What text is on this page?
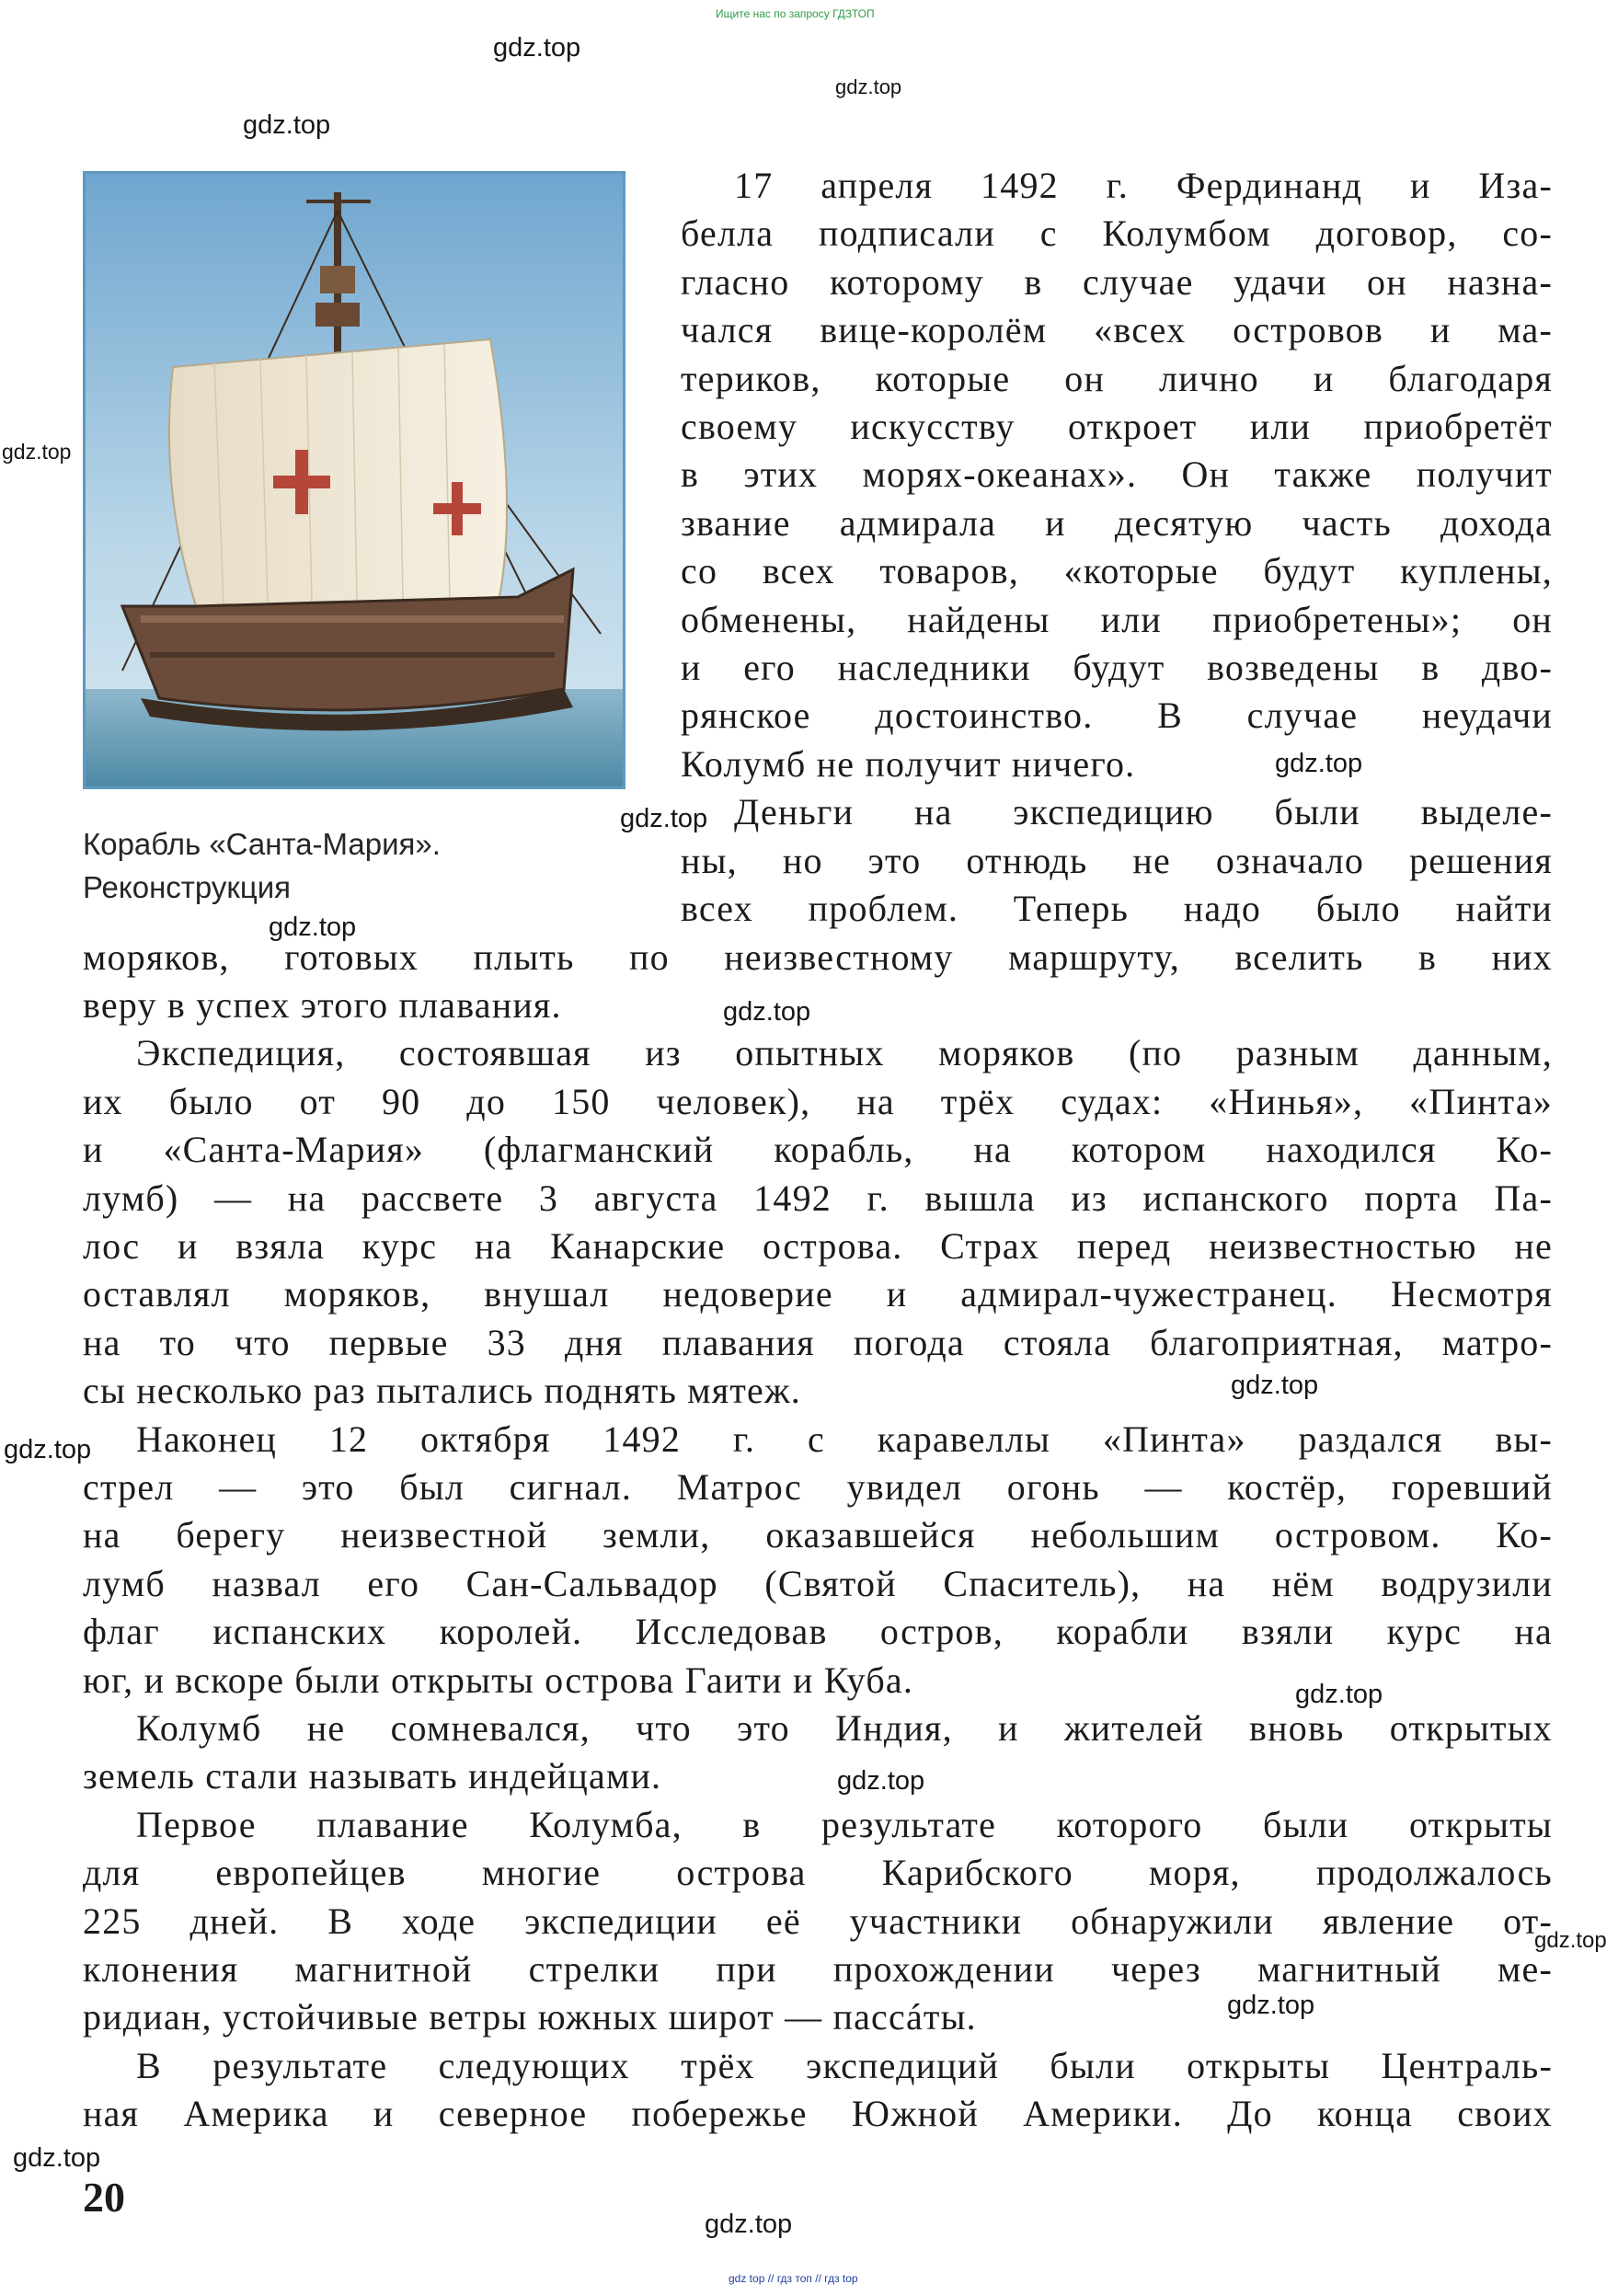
Ищите нас по запросу ГДЗТОП
Корабль «Санта-Мария».
Реконструкция
17 апреля 1492 г. Фердинанд и Иза-
белла подписали с Колумбом договор, со-
гласно которому в случае удачи он назна-
чался вице-королём «всех островов и ма-
териков, которые он лично и благодаря
своему искусству откроет или приобретёт
в этих морях-океанах». Он также получит
звание адмирала и десятую часть дохода
со всех товаров, «которые будут куплены,
обменены, найдены или приобретены»; он
и его наследники будут возведены в дво-
рянское достоинство. В случае неудачи
Колумб не получит ничего.
Деньги на экспедицию были выделе-
ны, но это отнюдь не означало решения
всех проблем. Теперь надо было найти
моряков, готовых плыть по неизвестному маршруту, вселить в них
веру в успех этого плавания.
Экспедиция, состоявшая из опытных моряков (по разным данным,
их было от 90 до 150 человек), на трёх судах: «Нинья», «Пинта»
и «Санта-Мария» (флагманский корабль, на котором находился Ко-
лумб) — на рассвете 3 августа 1492 г. вышла из испанского порта Па-
лос и взяла курс на Канарские острова. Страх перед неизвестностью не
оставлял моряков, внушал недоверие и адмирал-чужестранец. Несмотря
на то что первые 33 дня плавания погода стояла благоприятная, матро-
сы несколько раз пытались поднять мятеж.
Наконец 12 октября 1492 г. с каравеллы «Пинта» раздался вы-
стрел — это был сигнал. Матрос увидел огонь — костёр, горевший
на берегу неизвестной земли, оказавшейся небольшим островом. Ко-
лумб назвал его Сан-Сальвадор (Святой Спаситель), на нём водрузили
флаг испанских королей. Исследовав остров, корабли взяли курс на
юг, и вскоре были открыты острова Гаити и Куба.
Колумб не сомневался, что это Индия, и жителей вновь открытых
земель стали называть индейцами.
Первое плавание Колумба, в результате которого были открыты
для европейцев многие острова Карибского моря, продолжалось
225 дней. В ходе экспедиции её участники обнаружили явление от-
клонения магнитной стрелки при прохождении через магнитный ме-
ридиан, устойчивые ветры южных широт — пассáты.
В результате следующих трёх экспедиций были открыты Централь-
ная Америка и северное побережье Южной Америки. До конца своих
20
gdz.top
gdz.top
gdz.top
gdz.top
gdz.top
gdz.top
gdz.top
gdz.top
gdz.top
gdz.top
gdz.top
gdz.top
gdz.top
gdz.top
gdz.top
gdz.top
gdz top // гдз топ // гдз top
